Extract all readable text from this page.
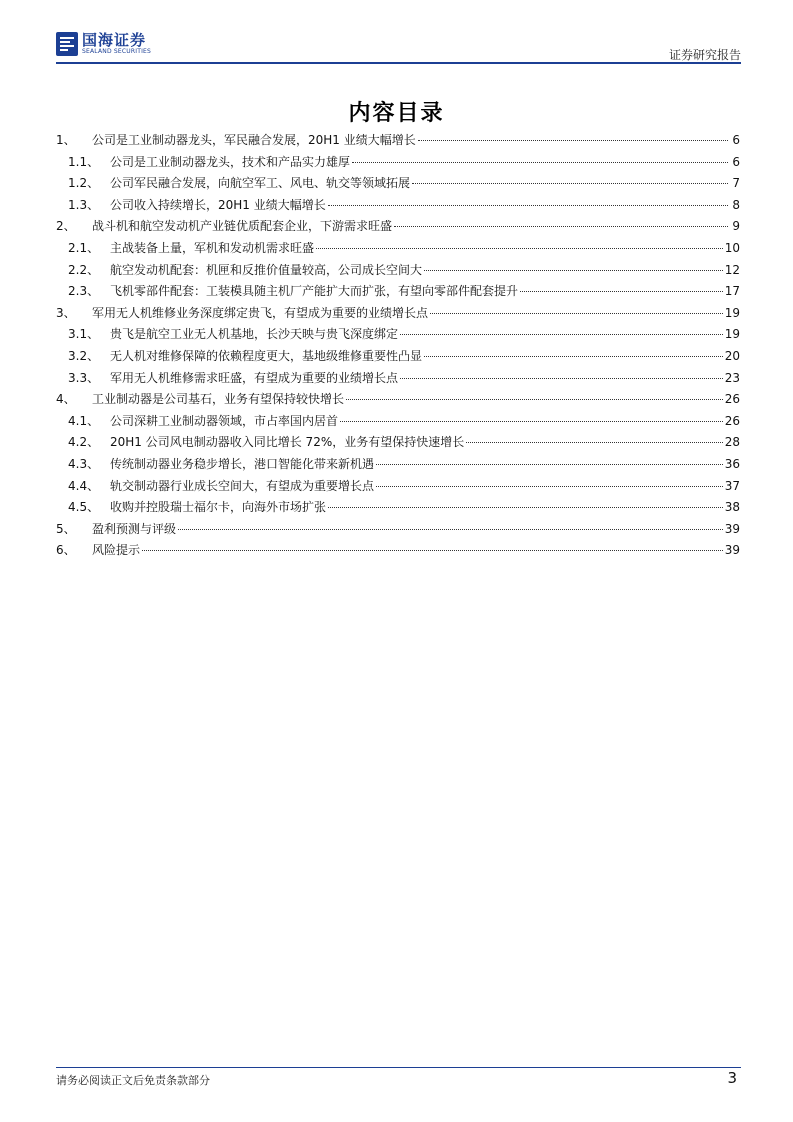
国海证券
SEALAND SECURITIES	证券研究报告
内容目录
1、	公司是工业制动器龙头，军民融合发展，20H1 业绩大幅增长	6
1.1、 公司是工业制动器龙头，技术和产品实力雄厚	6
1.2、 公司军民融合发展，向航空军工、风电、轨交等领域拓展	7
1.3、 公司收入持续增长，20H1 业绩大幅增长	8
2、	战斗机和航空发动机产业链优质配套企业，下游需求旺盛	9
2.1、 主战装备上量，军机和发动机需求旺盛	10
2.2、 航空发动机配套：机匣和反推价值量较高，公司成长空间大	12
2.3、 飞机零部件配套：工装模具随主机厂产能扩大而扩张，有望向零部件配套提升	17
3、	军用无人机维修业务深度绑定贵飞，有望成为重要的业绩增长点	19
3.1、 贵飞是航空工业无人机基地，长沙天映与贵飞深度绑定	19
3.2、 无人机对维修保障的依赖程度更大，基地级维修重要性凸显	20
3.3、 军用无人机维修需求旺盛，有望成为重要的业绩增长点	23
4、	工业制动器是公司基石，业务有望保持较快增长	26
4.1、 公司深耕工业制动器领域，市占率国内居首	26
4.2、 20H1 公司风电制动器收入同比增长 72%，业务有望保持快速增长	28
4.3、 传统制动器业务稳步增长，港口智能化带来新机遇	36
4.4、 轨交制动器行业成长空间大，有望成为重要增长点	37
4.5、 收购并控股瑞士福尔卡，向海外市场扩张	38
5、	盈利预测与评级	39
6、	风险提示	39
请务必阅读正文后免责条款部分	3
